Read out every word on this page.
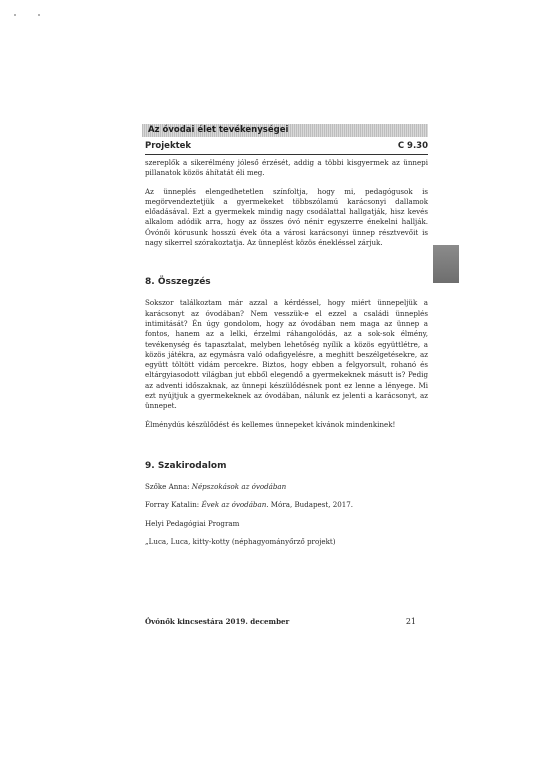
Az óvodai élet tevékenységei
Projektek	C 9.30

szereplők a sikerélmény jóleső érzését, addig a többi kisgyermek az ünnepi pillanatok közös áhítatát éli meg.

Az ünneplés elengedhetetlen színfoltja, hogy mi, pedagógusok is megörvendeztetjük a gyermekeket többszólamú karácsonyi dallamok előadásával. Ezt a gyermekek mindig nagy csodálattal hallgatják, hisz kevés alkalom adódik arra, hogy az összes óvó néniт egyszerre énekelni hallják. Óvónői kórusunk hosszú évek óta a városi karácsonyi ünnep résztvevőit is nagy sikerrel szórakoztatja. Az ünneplést közös énekléssel zárjuk.

8. Összegzés

Sokszor találkoztam már azzal a kérdéssel, hogy miért ünnepeljük a karácsonyt az óvodában? Nem vesszük-e el ezzel a családi ünneplés intimitását? Én úgy gondolom, hogy az óvodában nem maga az ünnep a fontos, hanem az a lelki, érzelmi ráhangolódás, az a sok-sok élmény, tevékenység és tapasztalat, melyben lehetőség nyílik a közös együttlétre, a közös játékra, az egymásra való odafigyelésre, a meghitt beszélgetésekre, az együtt töltött vidám percekre. Biztos, hogy ebben a felgyorsult, rohanó és eltárgyiasodott világban jut ebből elegendő a gyermekeknek másutt is? Pedig az adventi időszaknak, az ünnepi készülődésnek pont ez lenne a lényege. Mi ezt nyújtjuk a gyermekeknek az óvodában, nálunk ez jelenti a karácsonyt, az ünnepet.

Élménydús készülődést és kellemes ünnepeket kívánok mindenkinek!

9. Szakirodalom

Szőke Anna: Népszokások az óvodában

Forray Katalin: Évek az óvodában. Móra, Budapest, 2017.

Helyi Pedagógiai Program

„Luca, Luca, kitty-kotty (néphagyományőrző projekt)

Óvónők kincsestára 2019. december	21
